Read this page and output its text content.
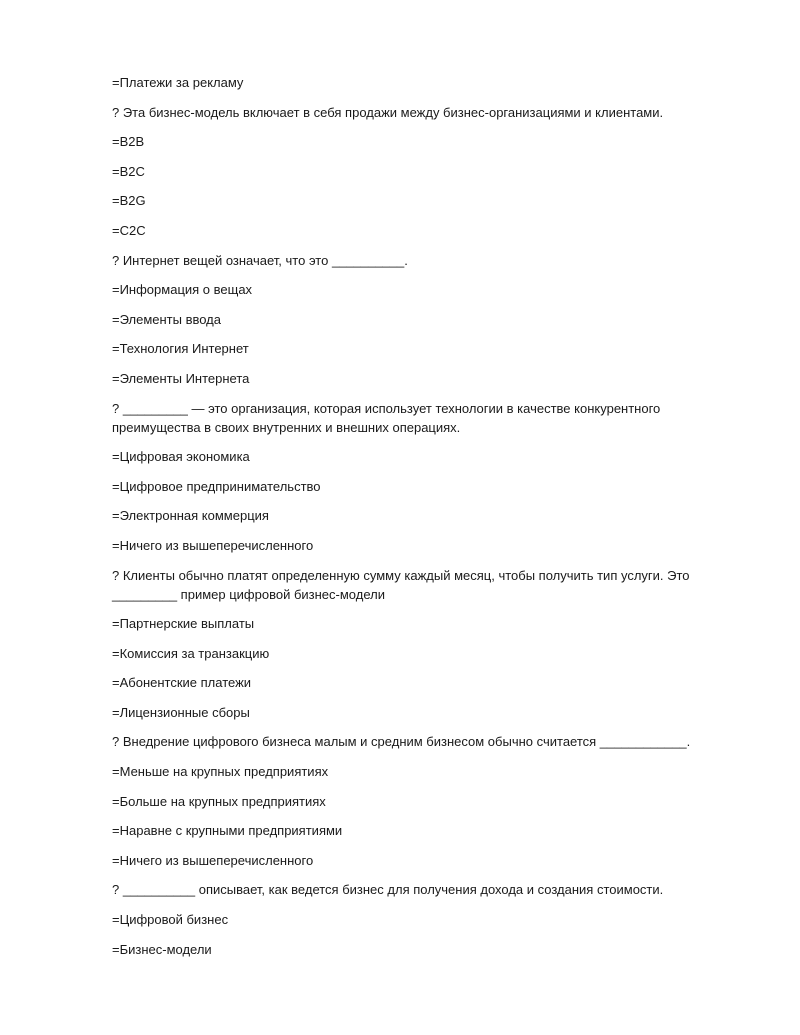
=Платежи за рекламу

? Эта бизнес-модель включает в себя продажи между бизнес-организациями и клиентами.

=B2B

=B2C

=B2G

=C2C

? Интернет вещей означает, что это __________.

=Информация о вещах

=Элементы ввода

=Технология Интернет

=Элементы Интернета

? _________ — это организация, которая использует технологии в качестве конкурентного преимущества в своих внутренних и внешних операциях.

=Цифровая экономика

=Цифровое предпринимательство

=Электронная коммерция

=Ничего из вышеперечисленного

? Клиенты обычно платят определенную сумму каждый месяц, чтобы получить тип услуги. Это _________ пример цифровой бизнес-модели

=Партнерские выплаты

=Комиссия за транзакцию

=Абонентские платежи

=Лицензионные сборы

? Внедрение цифрового бизнеса малым и средним бизнесом обычно считается ____________.

=Меньше на крупных предприятиях

=Больше на крупных предприятиях

=Наравне с крупными предприятиями

=Ничего из вышеперечисленного

? __________ описывает, как ведется бизнес для получения дохода и создания стоимости.

=Цифровой бизнес

=Бизнес-модели
